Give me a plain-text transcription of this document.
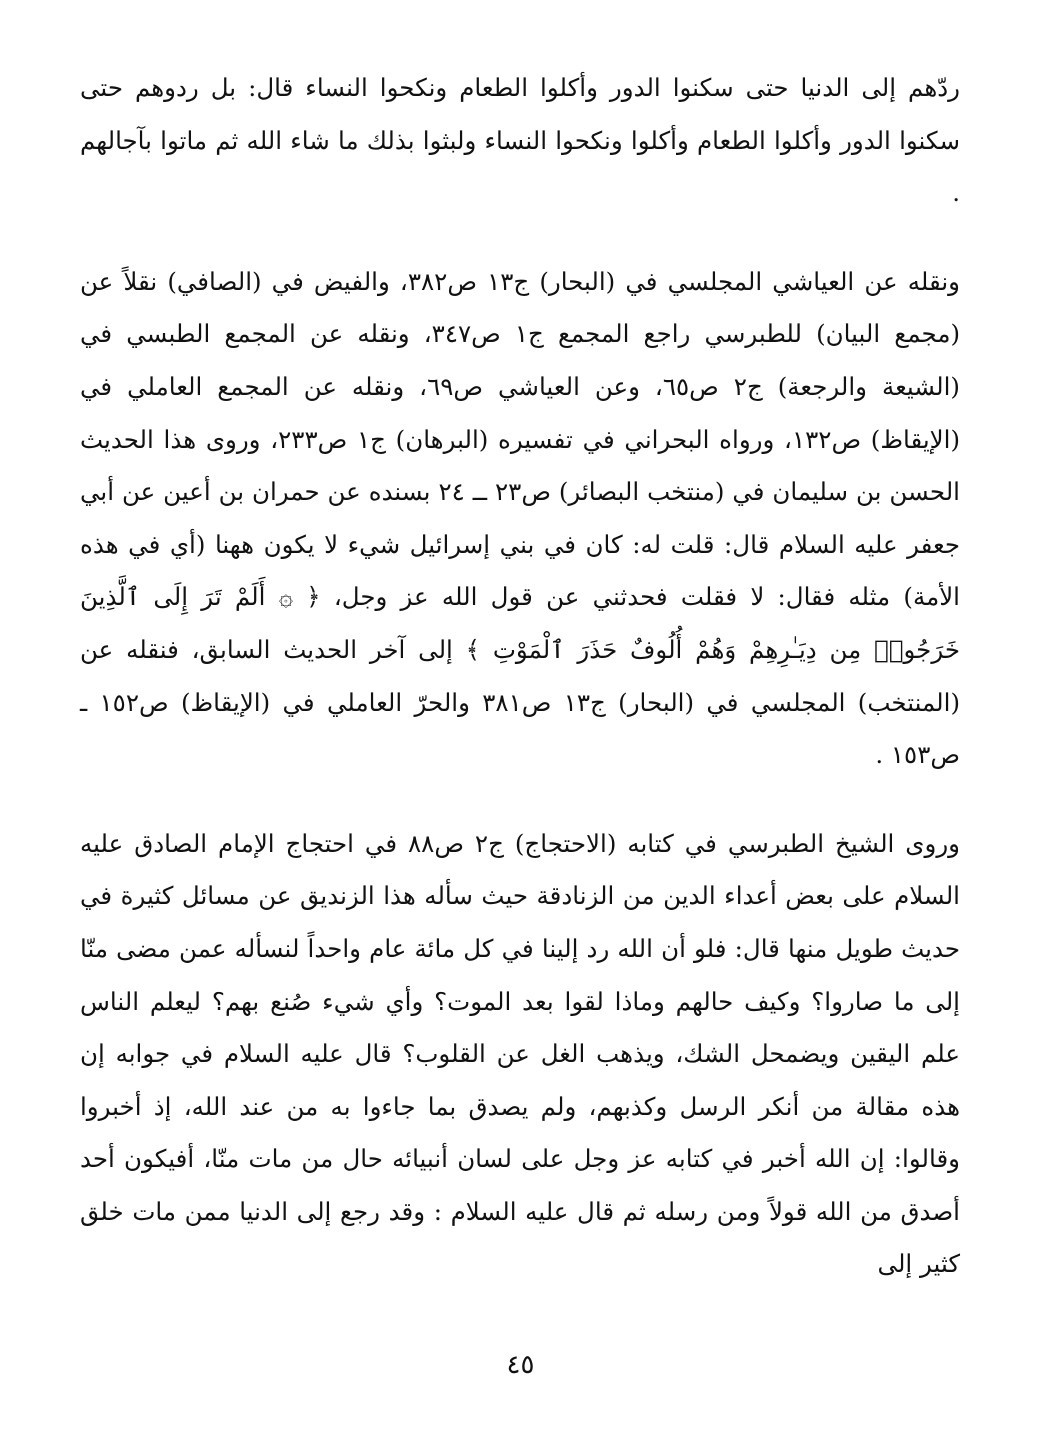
ردّهم إلى الدنيا حتى سكنوا الدور وأكلوا الطعام ونكحوا النساء قال: بل ردوهم حتى سكنوا الدور وأكلوا الطعام وأكلوا ونكحوا النساء ولبثوا بذلك ما شاء الله ثم ماتوا بآجالهم .

ونقله عن العياشي المجلسي في (البحار) ج١٣ ص٣٨٢، والفيض في (الصافي) نقلاً عن (مجمع البيان) للطبرسي راجع المجمع ج١ ص٣٤٧، ونقله عن المجمع الطبسي في (الشيعة والرجعة) ج٢ ص٦٥، وعن العياشي ص٦٩، ونقله عن المجمع العاملي في (الإيقاظ) ص١٣٢، ورواه البحراني في تفسيره (البرهان) ج١ ص٢٣٣، وروى هذا الحديث الحسن بن سليمان في (منتخب البصائر) ص٢٣ ــ ٢٤ بسنده عن حمران بن أعين عن أبي جعفر عليه السلام قال: قلت له: كان في بني إسرائيل شيء لا يكون ههنا (أي في هذه الأمة) مثله فقال: لا فقلت فحدثني عن قول الله عز وجل، ﴿ ۞ أَلَمْ تَرَ إِلَى ٱلَّذِينَ خَرَجُوا۟ مِن دِيَـٰرِهِمْ وَهُمْ أُلُوفٌ حَذَرَ ٱلْمَوْتِ ﴾ إلى آخر الحديث السابق، فنقله عن (المنتخب) المجلسي في (البحار) ج١٣ ص٣٨١ والحرّ العاملي في (الإيقاظ) ص١٥٢ ـ ص١٥٣ .

وروى الشيخ الطبرسي في كتابه (الاحتجاج) ج٢ ص٨٨ في احتجاج الإمام الصادق عليه السلام على بعض أعداء الدين من الزنادقة حيث سأله هذا الزنديق عن مسائل كثيرة في حديث طويل منها قال: فلو أن الله رد إلينا في كل مائة عام واحداً لنسأله عمن مضى منّا إلى ما صاروا؟ وكيف حالهم وماذا لقوا بعد الموت؟ وأي شيء صُنع بهم؟ ليعلم الناس علم اليقين ويضمحل الشك، ويذهب الغل عن القلوب؟ قال عليه السلام في جوابه إن هذه مقالة من أنكر الرسل وكذبهم، ولم يصدق بما جاءوا به من عند الله، إذ أخبروا وقالوا: إن الله أخبر في كتابه عز وجل على لسان أنبيائه حال من مات منّا، أفيكون أحد أصدق من الله قولاً ومن رسله ثم قال عليه السلام : وقد رجع إلى الدنيا ممن مات خلق كثير إلى

٤٥
